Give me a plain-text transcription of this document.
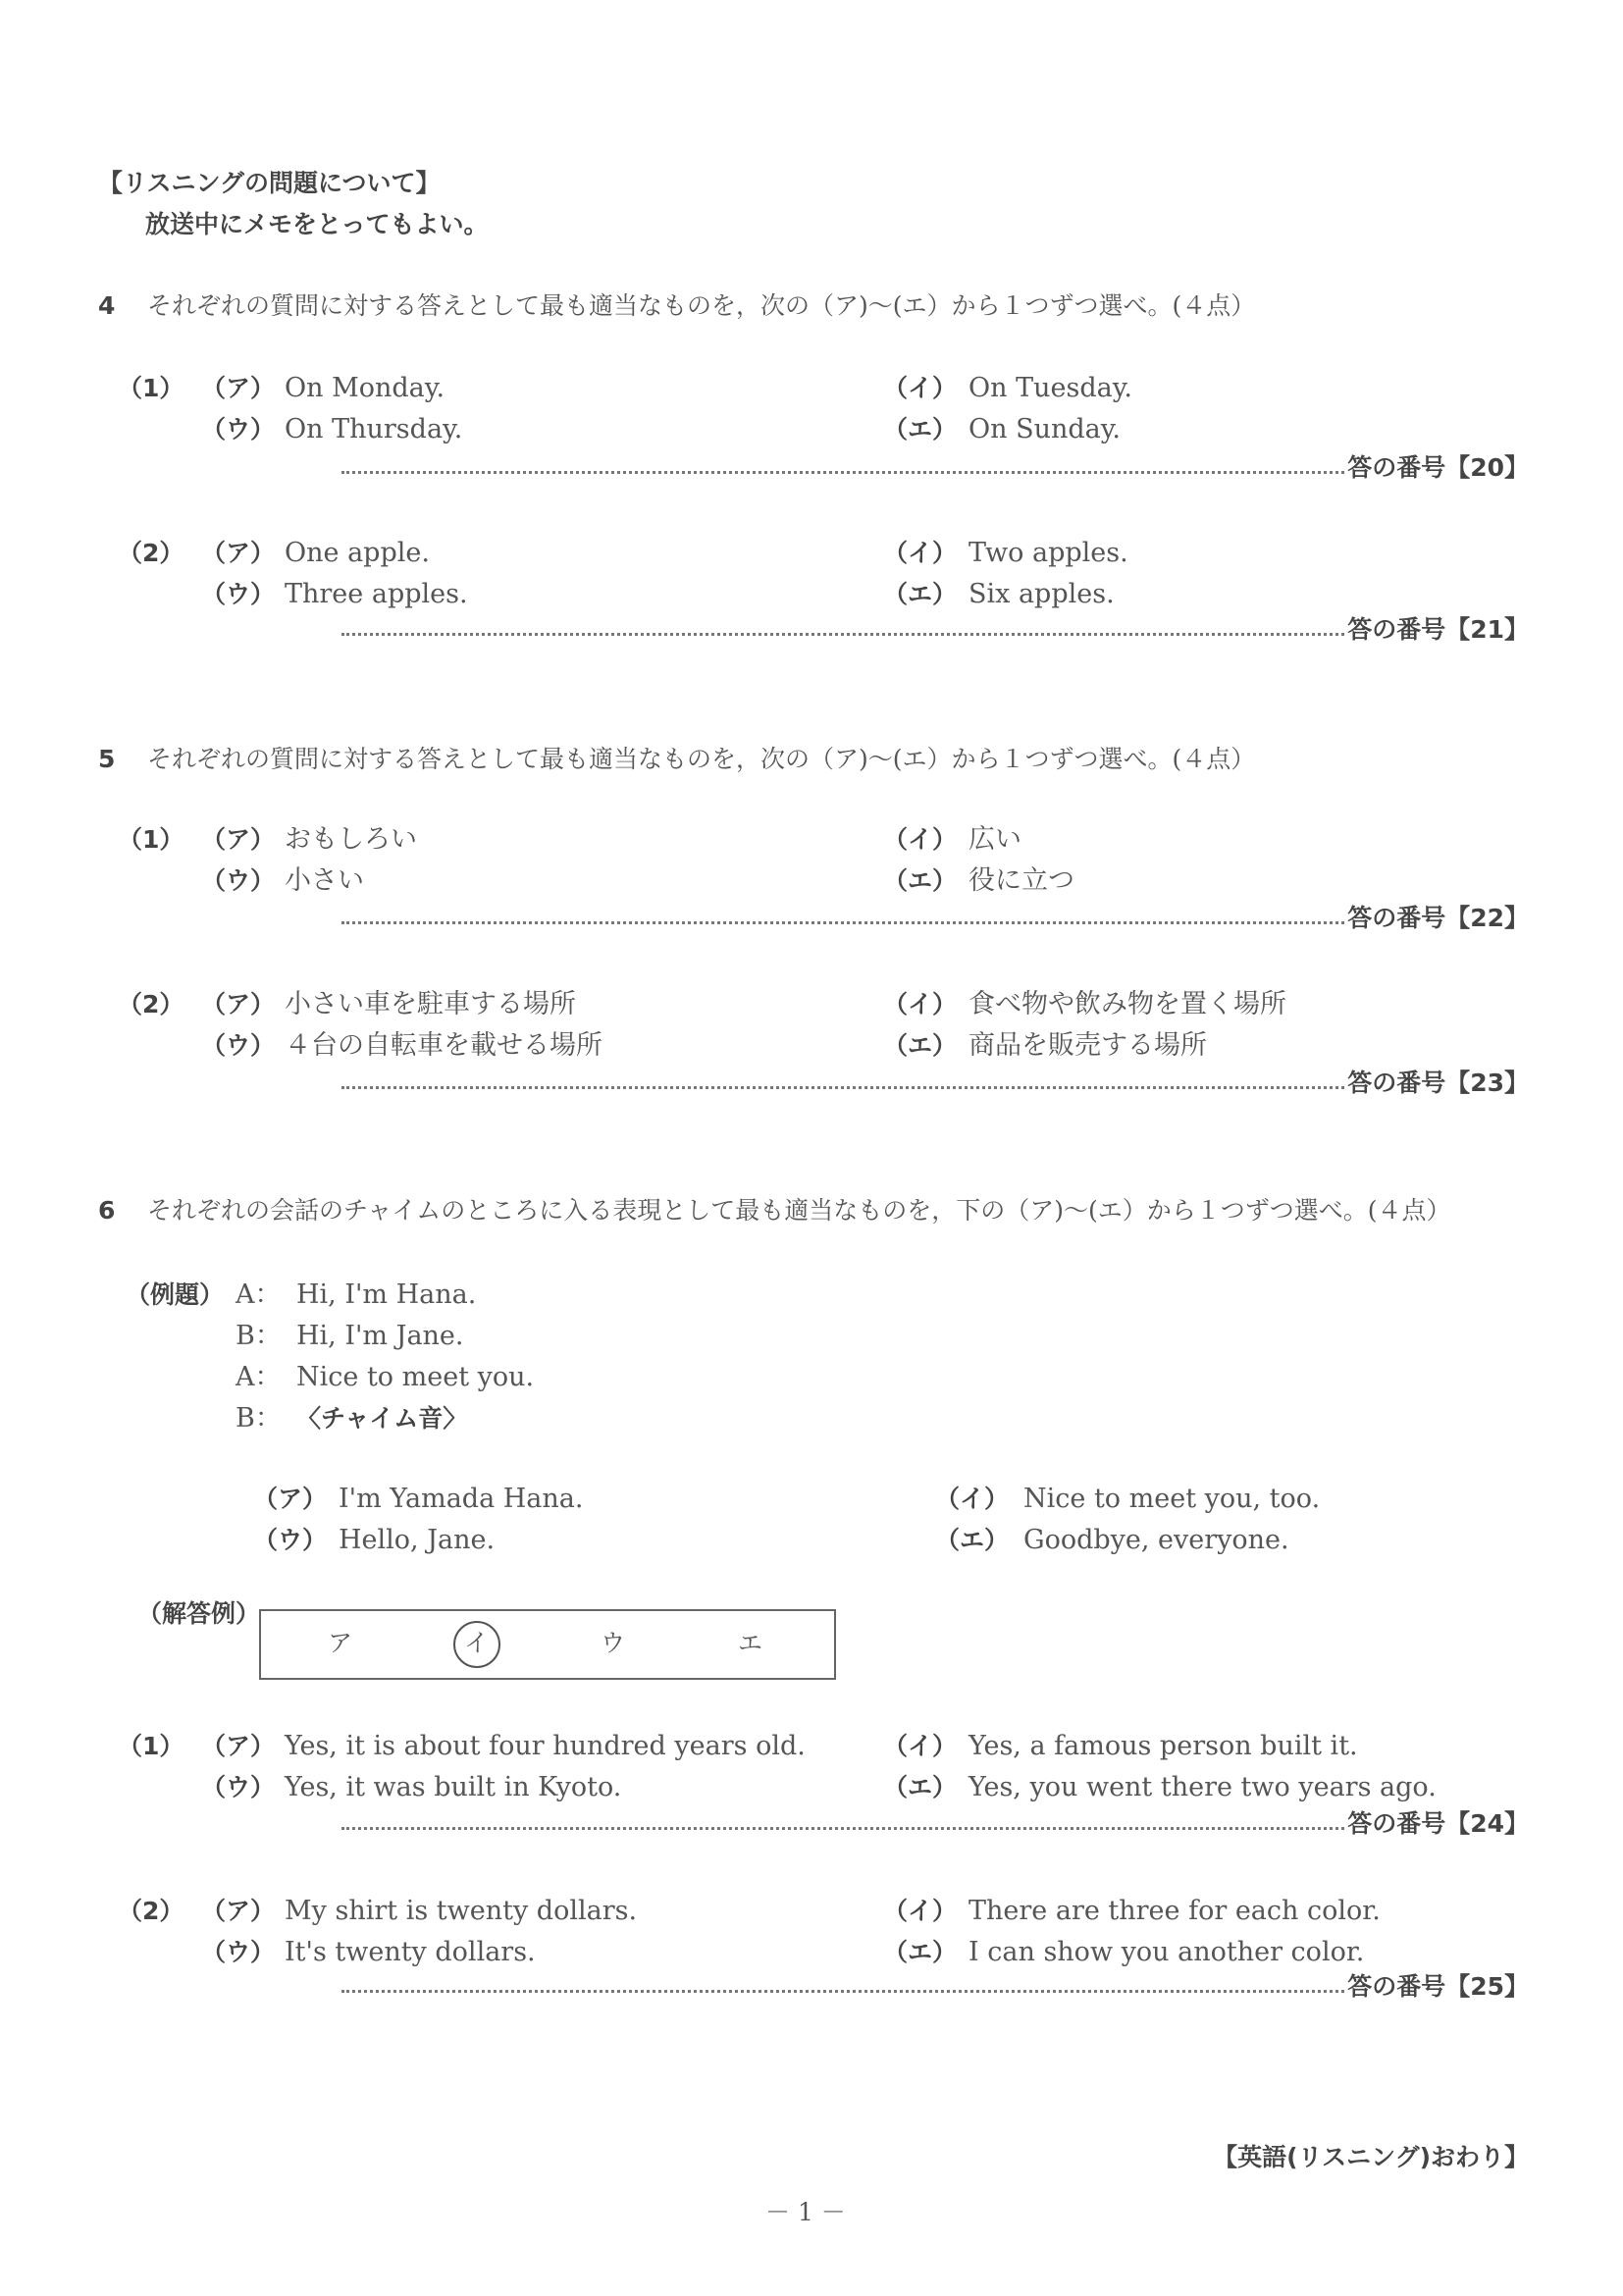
【リスニングの問題について】
放送中にメモをとってもよい。
4 それぞれの質問に対する答えとして最も適当なものを，次の（ア)～(エ）から１つずつ選べ。(４点）
（1） （ア） On Monday.	（イ） On Tuesday.
（ウ） On Thursday.	（エ） On Sunday.
答の番号【20】
（2） （ア） One apple.	（イ） Two apples.
（ウ） Three apples.	（エ） Six apples.
答の番号【21】
5 それぞれの質問に対する答えとして最も適当なものを，次の（ア)～(エ）から１つずつ選べ。(４点）
（1） （ア） おもしろい	（イ） 広い
（ウ） 小さい	（エ） 役に立つ
答の番号【22】
（2） （ア） 小さい車を駐車する場所	（イ） 食べ物や飲み物を置く場所
（ウ） ４台の自転車を載せる場所	（エ） 商品を販売する場所
答の番号【23】
6 それぞれの会話のチャイムのところに入る表現として最も適当なものを，下の（ア)～(エ）から１つずつ選べ。(４点）
（1） （ア） Yes, it is about four hundred years old.	（イ） Yes, a famous person built it.
（ウ） Yes, it was built in Kyoto.	（エ） Yes, you went there two years ago.
答の番号【24】
（2） （ア） My shirt is twenty dollars.	（イ） There are three for each color.
（ウ） It's twenty dollars.	（エ） I can show you another color.
答の番号【25】
（例題） A： Hi, I'm Hana.
B： Hi, I'm Jane.
A： Nice to meet you.
B： 〈チャイム音〉
（ア） I'm Yamada Hana.	（イ） Nice to meet you, too.
（ウ） Hello, Jane.	（エ） Goodbye, everyone.
（解答例）
ア	イ	ウ	エ
【英語(リスニング)おわり】
－ 1 －
